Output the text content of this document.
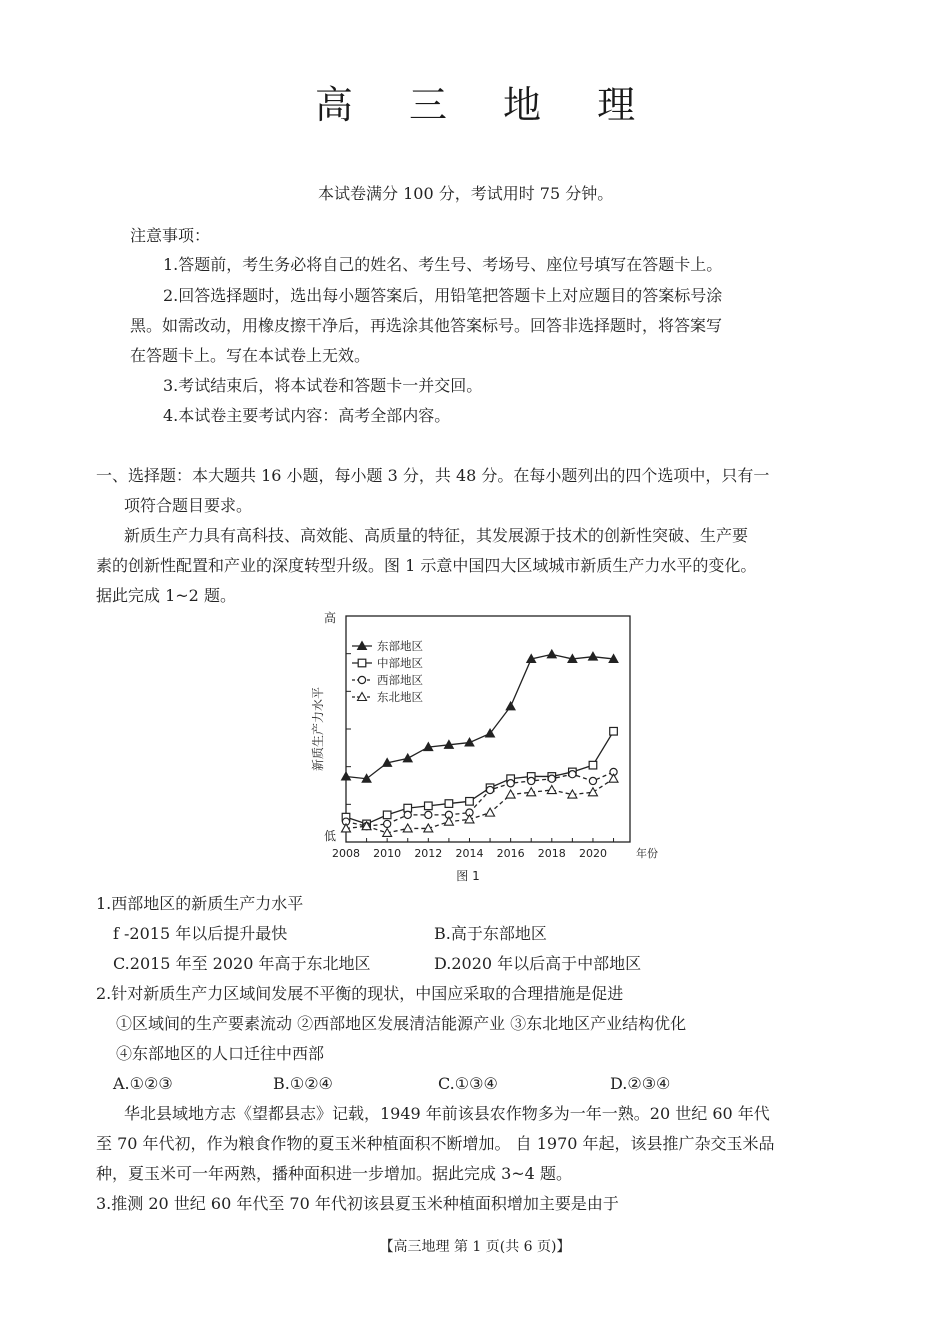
高 三 地 理
本试卷满分 100 分，考试用时 75 分钟。
注意事项：
1.答题前，考生务必将自己的姓名、考生号、考场号、座位号填写在答题卡上。
2.回答选择题时，选出每小题答案后，用铅笔把答题卡上对应题目的答案标号涂
黑。如需改动，用橡皮擦干净后，再选涂其他答案标号。回答非选择题时，将答案写
在答题卡上。写在本试卷上无效。
3.考试结束后，将本试卷和答题卡一并交回。
4.本试卷主要考试内容：高考全部内容。
一、选择题：本大题共 16 小题，每小题 3 分，共 48 分。在每小题列出的四个选项中，只有一
项符合题目要求。
新质生产力具有高科技、高效能、高质量的特征，其发展源于技术的创新性突破、生产要
素的创新性配置和产业的深度转型升级。图 1 示意中国四大区域城市新质生产力水平的变化。
据此完成 1~2 题。
高
低
新质生产力水平
2008 2010 2012 2014 2016 2018 2020	年份
图 1
东部地区
中部地区
西部地区
东北地区
1.西部地区的新质生产力水平
f -2015 年以后提升最快	B.高于东部地区
C.2015 年至 2020 年高于东北地区	D.2020 年以后高于中部地区
2.针对新质生产力区域间发展不平衡的现状，中国应采取的合理措施是促进
①区域间的生产要素流动 ②西部地区发展清洁能源产业 ③东北地区产业结构优化
④东部地区的人口迁往中西部
A.①②③	B.①②④	C.①③④	D.②③④
华北县域地方志《望都县志》记载，1949 年前该县农作物多为一年一熟。20 世纪 60 年代
至 70 年代初，作为粮食作物的夏玉米种植面积不断增加。 自 1970 年起，该县推广杂交玉米品
种，夏玉米可一年两熟，播种面积进一步增加。据此完成 3~4 题。
3.推测 20 世纪 60 年代至 70 年代初该县夏玉米种植面积增加主要是由于
【高三地理 第 1 页(共 6 页)】
